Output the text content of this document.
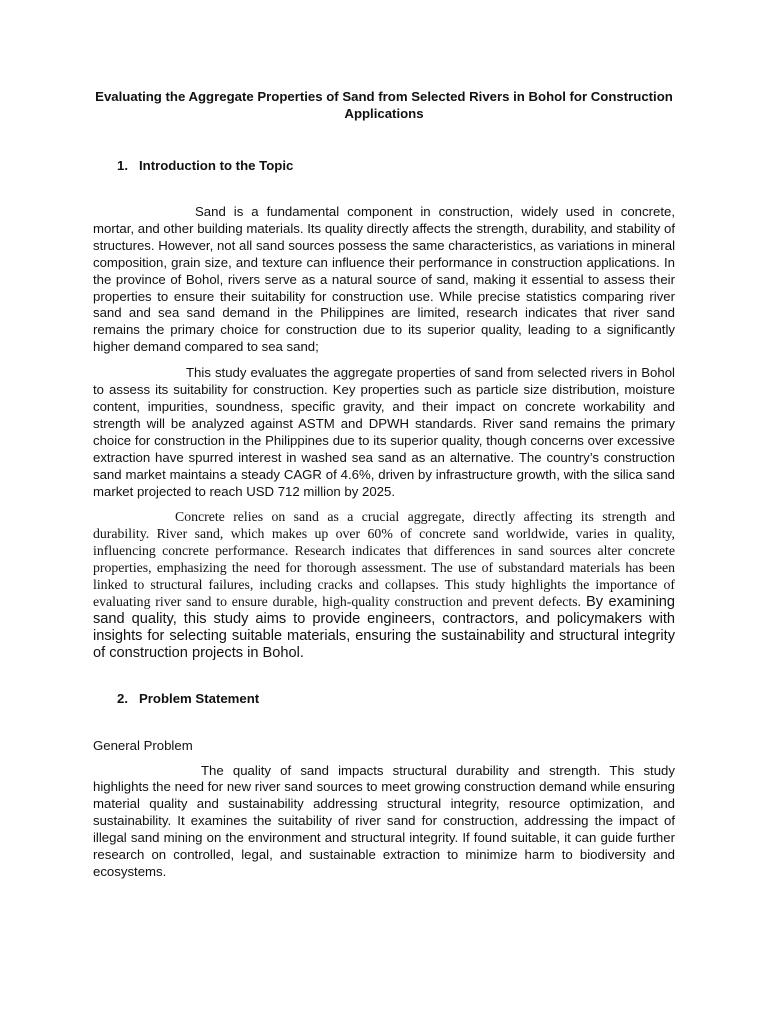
Evaluating the Aggregate Properties of Sand from Selected Rivers in Bohol for Construction Applications
1. Introduction to the Topic

Sand is a fundamental component in construction, widely used in concrete, mortar, and other building materials. Its quality directly affects the strength, durability, and stability of structures. However, not all sand sources possess the same characteristics, as variations in mineral composition, grain size, and texture can influence their performance in construction applications. In the province of Bohol, rivers serve as a natural source of sand, making it essential to assess their properties to ensure their suitability for construction use. While precise statistics comparing river sand and sea sand demand in the Philippines are limited, research indicates that river sand remains the primary choice for construction due to its superior quality, leading to a significantly higher demand compared to sea sand;

This study evaluates the aggregate properties of sand from selected rivers in Bohol to assess its suitability for construction. Key properties such as particle size distribution, moisture content, impurities, soundness, specific gravity, and their impact on concrete workability and strength will be analyzed against ASTM and DPWH standards. River sand remains the primary choice for construction in the Philippines due to its superior quality, though concerns over excessive extraction have spurred interest in washed sea sand as an alternative. The country’s construction sand market maintains a steady CAGR of 4.6%, driven by infrastructure growth, with the silica sand market projected to reach USD 712 million by 2025.

Concrete relies on sand as a crucial aggregate, directly affecting its strength and durability. River sand, which makes up over 60% of concrete sand worldwide, varies in quality, influencing concrete performance. Research indicates that differences in sand sources alter concrete properties, emphasizing the need for thorough assessment. The use of substandard materials has been linked to structural failures, including cracks and collapses. This study highlights the importance of evaluating river sand to ensure durable, high-quality construction and prevent defects. By examining sand quality, this study aims to provide engineers, contractors, and policymakers with insights for selecting suitable materials, ensuring the sustainability and structural integrity of construction projects in Bohol.

2. Problem Statement

General Problem

The quality of sand impacts structural durability and strength. This study highlights the need for new river sand sources to meet growing construction demand while ensuring material quality and sustainability addressing structural integrity, resource optimization, and sustainability. It examines the suitability of river sand for construction, addressing the impact of illegal sand mining on the environment and structural integrity. If found suitable, it can guide further research on controlled, legal, and sustainable extraction to minimize harm to biodiversity and ecosystems.
